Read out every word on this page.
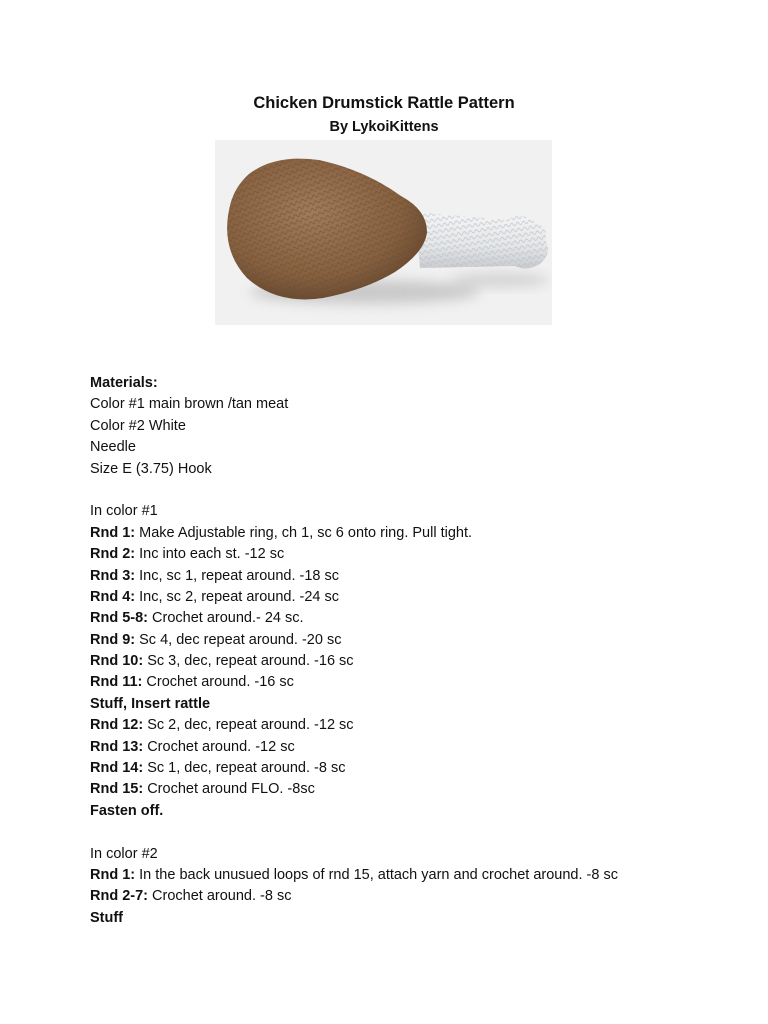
Chicken Drumstick Rattle Pattern
By LykoiKittens
Materials:
Color #1 main brown /tan meat
Color #2 White
Needle
Size E (3.75) Hook
In color #1
Rnd 1: Make Adjustable ring, ch 1, sc 6 onto ring. Pull tight.
Rnd 2: Inc into each st. -12 sc
Rnd 3: Inc, sc 1, repeat around. -18 sc
Rnd 4: Inc, sc 2, repeat around. -24 sc
Rnd 5-8: Crochet around.- 24 sc.
Rnd 9: Sc 4, dec repeat around. -20 sc
Rnd 10: Sc 3, dec, repeat around. -16 sc
Rnd 11: Crochet around. -16 sc
Stuff, Insert rattle
Rnd 12: Sc 2, dec, repeat around. -12 sc
Rnd 13: Crochet around. -12 sc
Rnd 14: Sc 1, dec, repeat around. -8 sc
Rnd 15: Crochet around FLO. -8sc
Fasten off.
In color #2
Rnd 1: In the back unusued loops of rnd 15, attach yarn and crochet around. -8 sc
Rnd 2-7: Crochet around. -8 sc
Stuff
